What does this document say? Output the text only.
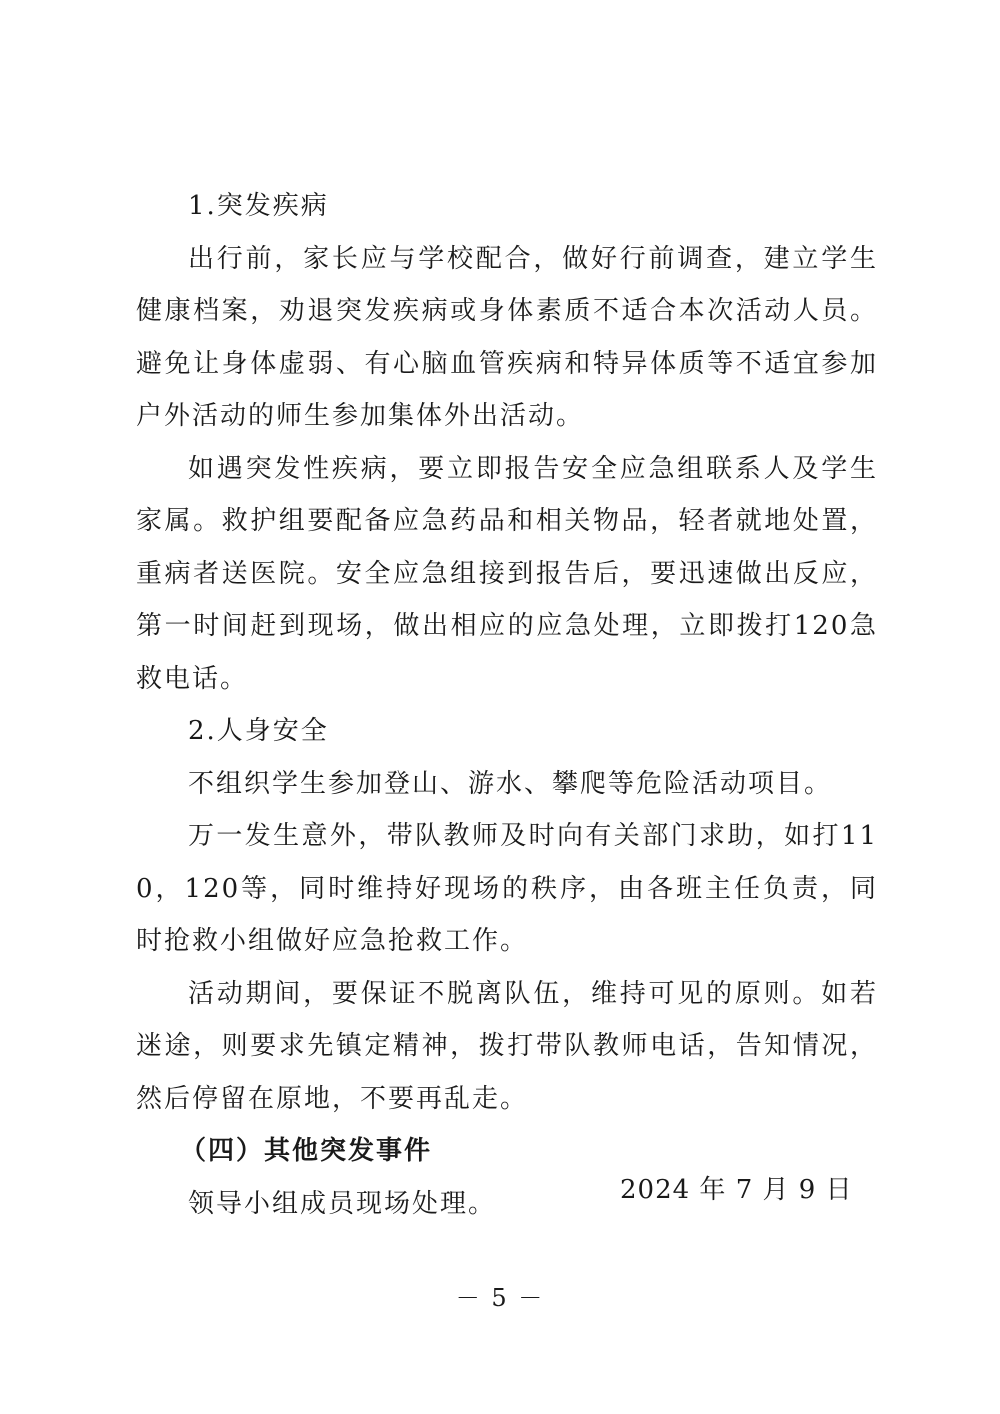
1.突发疾病

出行前，家长应与学校配合，做好行前调查，建立学生健康档案，劝退突发疾病或身体素质不适合本次活动人员。避免让身体虚弱、有心脑血管疾病和特异体质等不适宜参加户外活动的师生参加集体外出活动。

如遇突发性疾病，要立即报告安全应急组联系人及学生家属。救护组要配备应急药品和相关物品，轻者就地处置，重病者送医院。安全应急组接到报告后，要迅速做出反应，第一时间赶到现场，做出相应的应急处理，立即拨打120急救电话。

2.人身安全

不组织学生参加登山、游水、攀爬等危险活动项目。

万一发生意外，带队教师及时向有关部门求助，如打110，120等，同时维持好现场的秩序，由各班主任负责，同时抢救小组做好应急抢救工作。

活动期间，要保证不脱离队伍，维持可见的原则。如若迷途，则要求先镇定精神，拨打带队教师电话，告知情况，然后停留在原地，不要再乱走。

（四）其他突发事件

领导小组成员现场处理。	2024 年 7 月 9 日
－ 5 －
